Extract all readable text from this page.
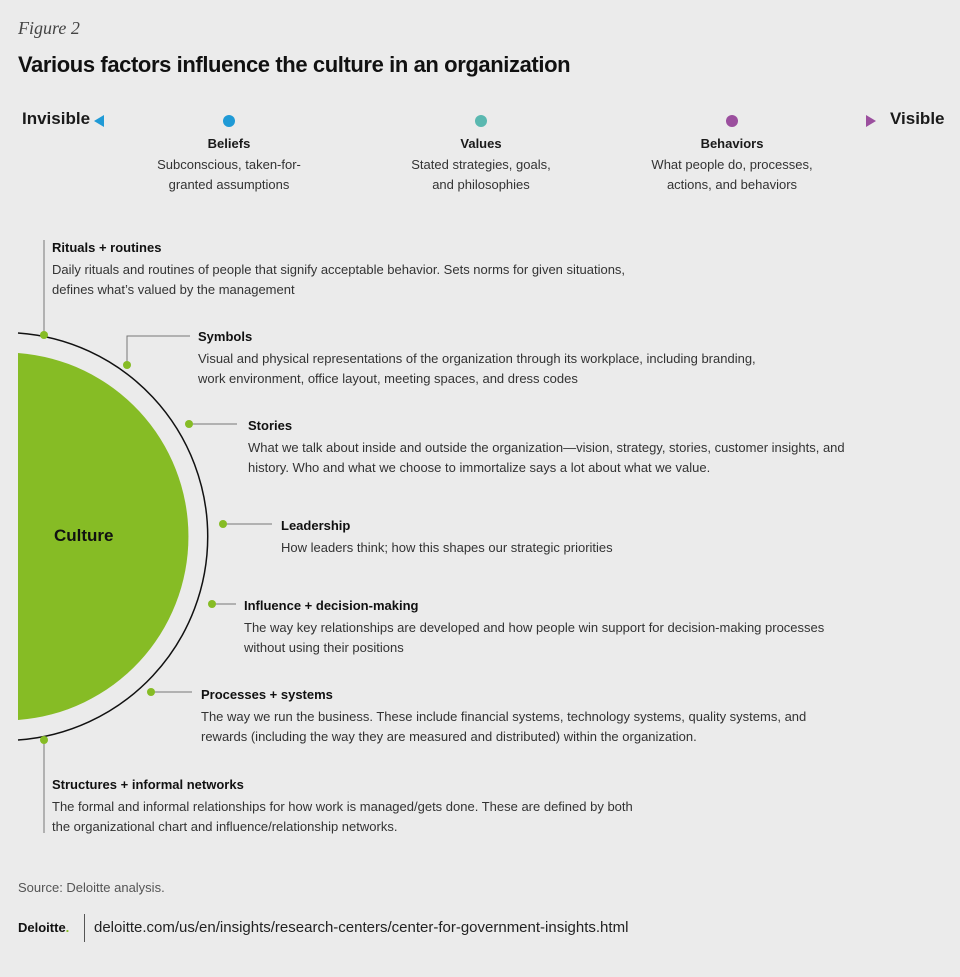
Figure 2
Various factors influence the culture in an organization
Invisible	Visible
Beliefs
Subconscious, taken-for-
granted assumptions
Values
Stated strategies, goals,
and philosophies
Behaviors
What people do, processes,
actions, and behaviors
Culture
Rituals + routines
Daily rituals and routines of people that signify acceptable behavior. Sets norms for given situations, defines what’s valued by the management
Symbols
Visual and physical representations of the organization through its workplace, including branding, work environment, office layout, meeting spaces, and dress codes
Stories
What we talk about inside and outside the organization—vision, strategy, stories, customer insights, and history. Who and what we choose to immortalize says a lot about what we value.
Leadership
How leaders think; how this shapes our strategic priorities
Influence + decision-making
The way key relationships are developed and how people win support for decision-making processes without using their positions
Processes + systems
The way we run the business. These include financial systems, technology systems, quality systems, and rewards (including the way they are measured and distributed) within the organization.
Structures + informal networks
The formal and informal relationships for how work is managed/gets done. These are defined by both the organizational chart and influence/relationship networks.
Source: Deloitte analysis.
Deloitte. deloitte.com/us/en/insights/research-centers/center-for-government-insights.html
